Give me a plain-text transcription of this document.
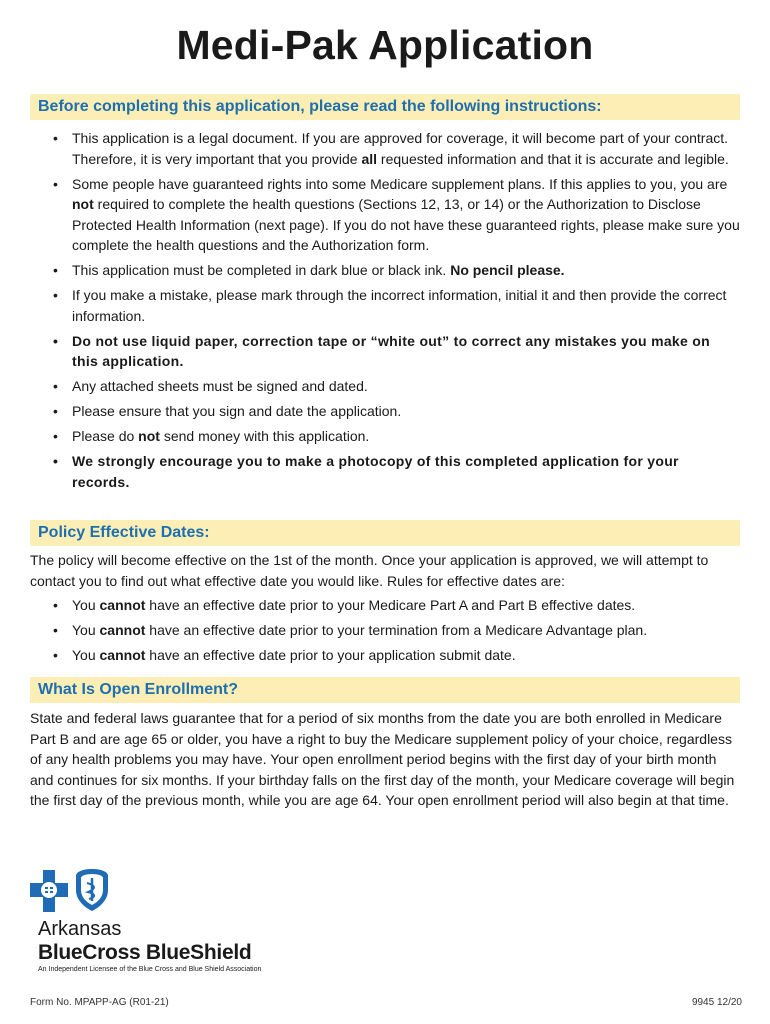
Medi-Pak Application
Before completing this application, please read the following instructions:
• This application is a legal document. If you are approved for coverage, it will become part of your contract. Therefore, it is very important that you provide all requested information and that it is accurate and legible.
• Some people have guaranteed rights into some Medicare supplement plans. If this applies to you, you are not required to complete the health questions (Sections 12, 13, or 14) or the Authorization to Disclose Protected Health Information (next page). If you do not have these guaranteed rights, please make sure you complete the health questions and the Authorization form.
• This application must be completed in dark blue or black ink. No pencil please.
• If you make a mistake, please mark through the incorrect information, initial it and then provide the correct information.
• Do not use liquid paper, correction tape or “white out” to correct any mistakes you make on this application.
• Any attached sheets must be signed and dated.
• Please ensure that you sign and date the application.
• Please do not send money with this application.
• We strongly encourage you to make a photocopy of this completed application for your records.
Policy Effective Dates:

The policy will become effective on the 1st of the month. Once your application is approved, we will attempt to contact you to find out what effective date you would like. Rules for effective dates are:

• You cannot have an effective date prior to your Medicare Part A and Part B effective dates.
• You cannot have an effective date prior to your termination from a Medicare Advantage plan.
• You cannot have an effective date prior to your application submit date.
What Is Open Enrollment?

State and federal laws guarantee that for a period of six months from the date you are both enrolled in Medicare Part B and are age 65 or older, you have a right to buy the Medicare supplement policy of your choice, regardless of any health problems you may have. Your open enrollment period begins with the first day of your birth month and continues for six months. If your birthday falls on the first day of the month, your Medicare coverage will begin the first day of the previous month, while you are age 64. Your open enrollment period will also begin at that time.

Arkansas
BlueCross BlueShield
An Independent Licensee of the Blue Cross and Blue Shield Association
Form No. MPAPP-AG (R01-21)	9945 12/20
